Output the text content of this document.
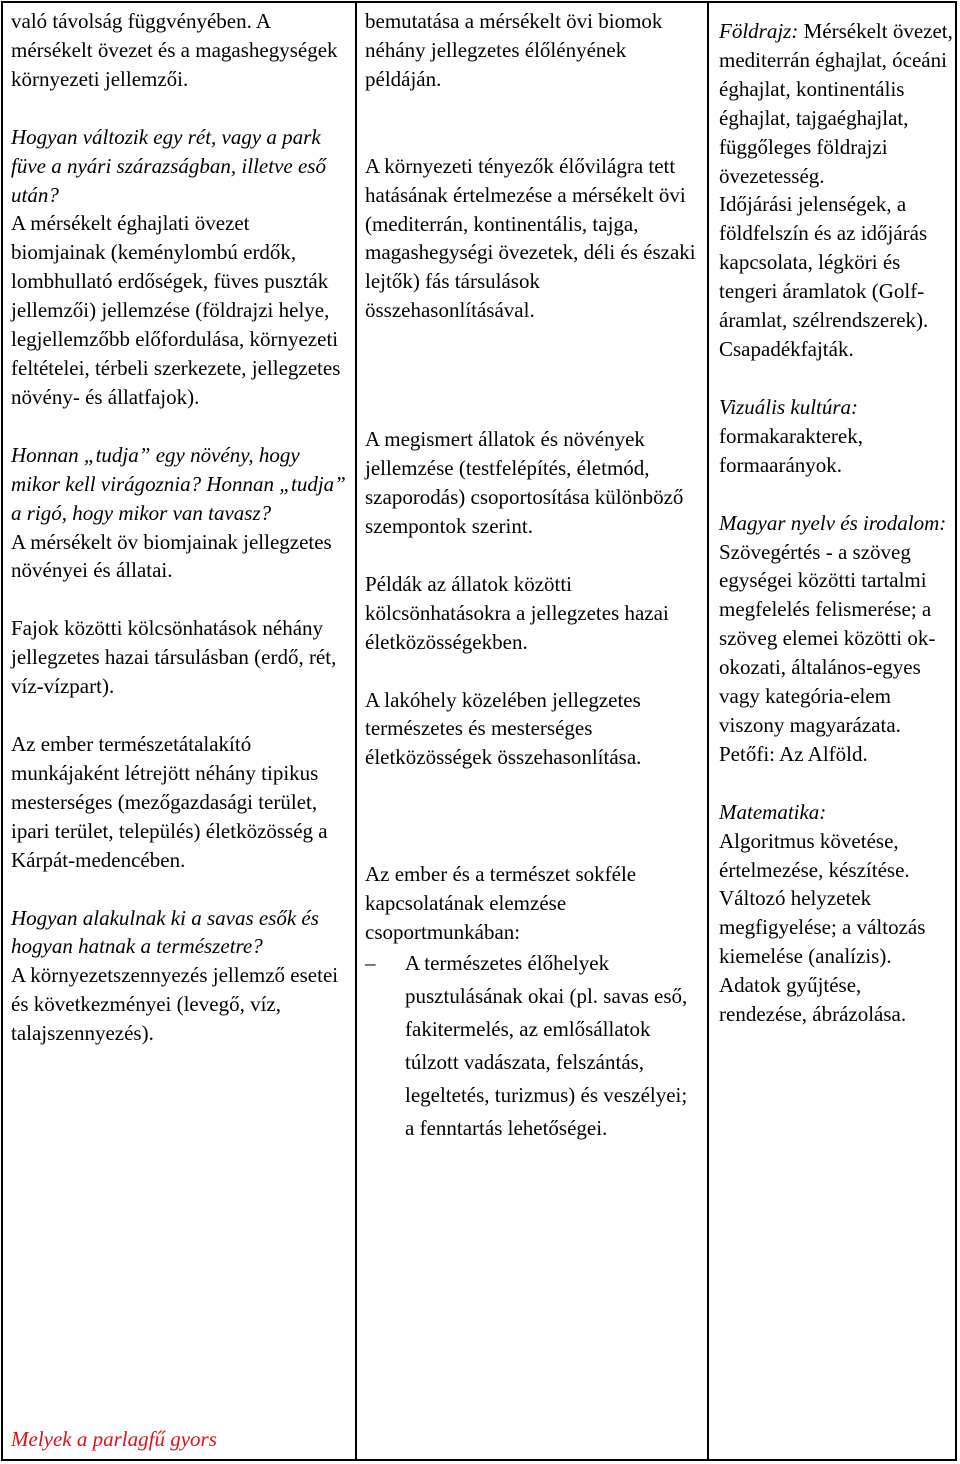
való távolság függvényében. A mérsékelt övezet és a magashegységek környezeti jellemzői.

Hogyan változik egy rét, vagy a park füve a nyári szárazságban, illetve eső után?

A mérsékelt éghajlati övezet biomjainak (keménylombú erdők, lombhullató erdőségek, füves puszták jellemzői) jellemzése (földrajzi helye, legjellemzőbb előfordulása, környezeti feltételei, térbeli szerkezete, jellegzetes növény- és állatfajok).

Honnan „tudja” egy növény, hogy mikor kell virágoznia? Honnan „tudja” a rigó, hogy mikor van tavasz?

A mérsékelt öv biomjainak jellegzetes növényei és állatai.

Fajok közötti kölcsönhatások néhány jellegzetes hazai társulásban (erdő, rét, víz-vízpart).

Az ember természetátalakító munkájaként létrejött néhány tipikus mesterséges (mezőgazdasági terület, ipari terület, település) életközösség a Kárpát-medencében.

Hogyan alakulnak ki a savas esők és hogyan hatnak a természetre?

A környezetszennyezés jellemző esetei és következményei (levegő, víz, talajszennyezés).

Melyek a parlagfű gyors

bemutatása a mérsékelt övi biomok néhány jellegzetes élőlényének példáján.

A környezeti tényezők élővilágra tett hatásának értelmezése a mérsékelt övi (mediterrán, kontinentális, tajga, magashegységi övezetek, déli és északi lejtők) fás társulások összehasonlításával.

A megismert állatok és növények jellemzése (testfelépítés, életmód, szaporodás) csoportosítása különböző szempontok szerint.

Példák az állatok közötti kölcsönhatásokra a jellegzetes hazai életközösségekben.

A lakóhely közelében jellegzetes természetes és mesterséges életközösségek összehasonlítása.

Az ember és a természet sokféle kapcsolatának elemzése csoportmunkában:

– A természetes élőhelyek pusztulásának okai (pl. savas eső, fakitermelés, az emlősállatok túlzott vadászata, felszántás, legeltetés, turizmus) és veszélyei; a fenntartás lehetőségei.

Földrajz: Mérsékelt övezet, mediterrán éghajlat, óceáni éghajlat, kontinentális éghajlat, tajgaéghajlat, függőleges földrajzi övezetesség.

Időjárási jelenségek, a földfelszín és az időjárás kapcsolata, légköri és tengeri áramlatok (Golf-áramlat, szélrendszerek).

Csapadékfajták.

Vizuális kultúra:
formakarakterek, formaarányok.

Magyar nyelv és irodalom:
Szövegértés - a szöveg egységei közötti tartalmi megfelelés felismerése; a szöveg elemei közötti ok-okozati, általános-egyes vagy kategória-elem viszony magyarázata.

Petőfi: Az Alföld.

Matematika:
Algoritmus követése, értelmezése, készítése.

Változó helyzetek megfigyelése; a változás kiemelése (analízis). Adatok gyűjtése, rendezése, ábrázolása.
